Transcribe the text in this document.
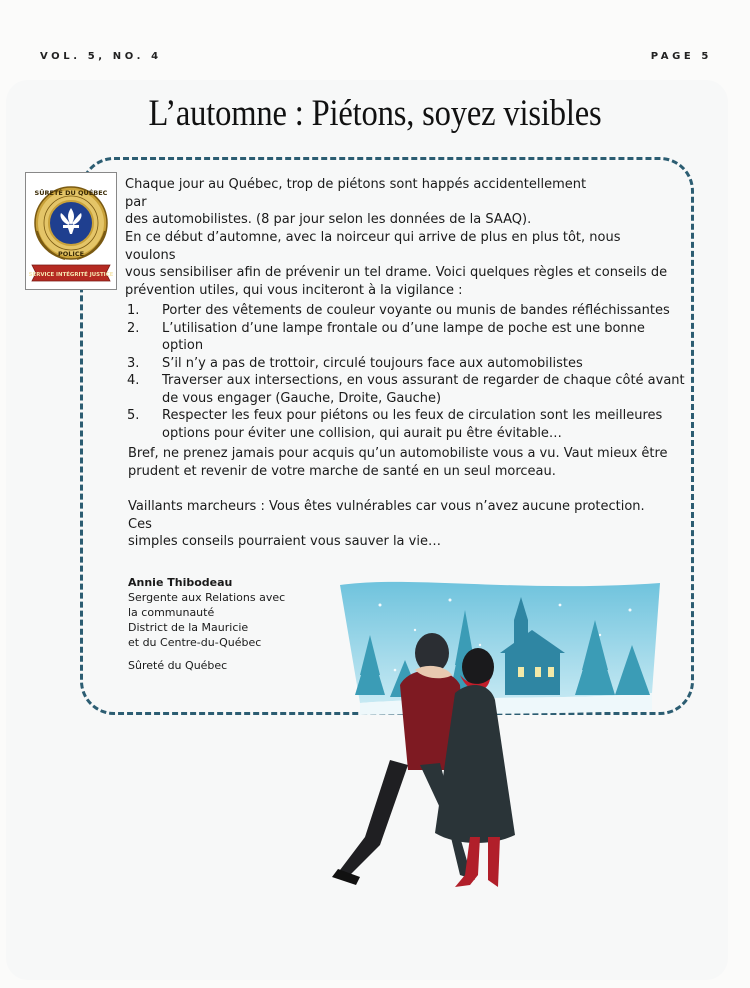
VOL. 5, NO. 4	PAGE 5
L’automne : Piétons, soyez visibles
SERVICE INTÉGRITÉ JUSTICE
SÛRETÉ DU QUÉBEC
POLICE
Chaque jour au Québec, trop de piétons sont happés accidentellement par
des automobilistes. (8 par jour selon les données de la SAAQ).
En ce début d’automne, avec la noirceur qui arrive de plus en plus tôt, nous voulons
vous sensibiliser afin de prévenir un tel drame. Voici quelques règles et conseils de
prévention utiles, qui vous inciteront à la vigilance :
1. Porter des vêtements de couleur voyante ou munis de bandes réfléchissantes
2. L’utilisation d’une lampe frontale ou d’une lampe de poche est une bonne option
3. S’il n’y a pas de trottoir, circulé toujours face aux automobilistes
4. Traverser aux intersections, en vous assurant de regarder de chaque côté avant
de vous engager (Gauche, Droite, Gauche)
5. Respecter les feux pour piétons ou les feux de circulation sont les meilleures
options pour éviter une collision, qui aurait pu être évitable…
Bref, ne prenez jamais pour acquis qu’un automobiliste vous a vu. Vaut mieux être
prudent et revenir de votre marche de santé en un seul morceau.
Vaillants marcheurs : Vous êtes vulnérables car vous n’avez aucune protection. Ces
simples conseils pourraient vous sauver la vie…
Annie Thibodeau
Sergente aux Relations avec
la communauté
District de la Mauricie
et du Centre-du-Québec
Sûreté du Québec
